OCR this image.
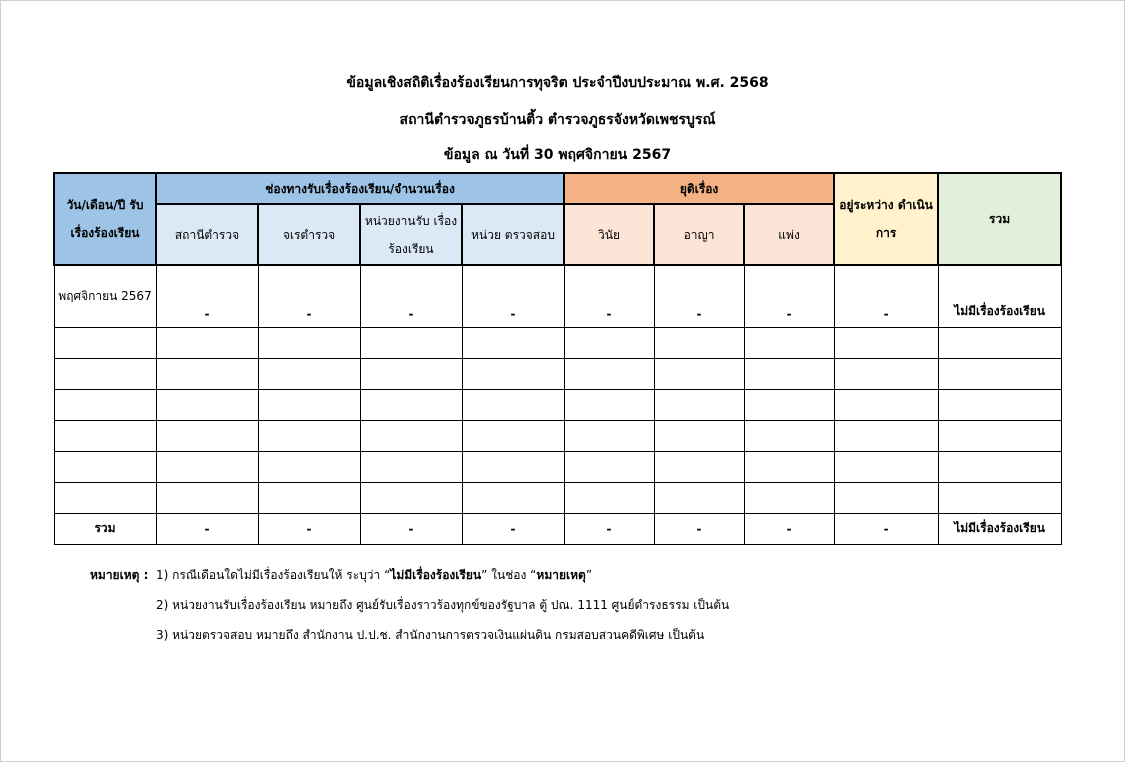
ข้อมูลเชิงสถิติเรื่องร้องเรียนการทุจริต ประจำปีงบประมาณ พ.ศ. 2568
สถานีตำรวจภูธรบ้านติ้ว ตำรวจภูธรจังหวัดเพชรบูรณ์
ข้อมูล ณ วันที่ 30 พฤศจิกายน 2567
วัน/เดือน/ปี รับเรื่องร้องเรียน	ช่องทางรับเรื่องร้องเรียน/จำนวนเรื่อง				ยุติเรื่อง			อยู่ระหว่าง ดำเนินการ	รวม
	สถานีตำรวจ	จเรตำรวจ	หน่วยงานรับ เรื่องร้องเรียน	หน่วย ตรวจสอบ	วินัย	อาญา	แพ่ง		
พฤศจิกายน 2567	-	-	-	-	-	-	-	-	ไม่มีเรื่องร้องเรียน

รวม	-	-	-	-	-	-	-	-	ไม่มีเรื่องร้องเรียน
หมายเหตุ : 1) กรณีเดือนใดไม่มีเรื่องร้องเรียนให้ ระบุว่า “ไม่มีเรื่องร้องเรียน” ในช่อง “หมายเหตุ”
2) หน่วยงานรับเรื่องร้องเรียน หมายถึง ศูนย์รับเรื่องราวร้องทุกข์ของรัฐบาล ตู้ ปณ. 1111 ศูนย์ดำรงธรรม เป็นต้น
3) หน่วยตรวจสอบ หมายถึง สำนักงาน ป.ป.ช. สำนักงานการตรวจเงินแผ่นดิน กรมสอบสวนคดีพิเศษ เป็นต้น
